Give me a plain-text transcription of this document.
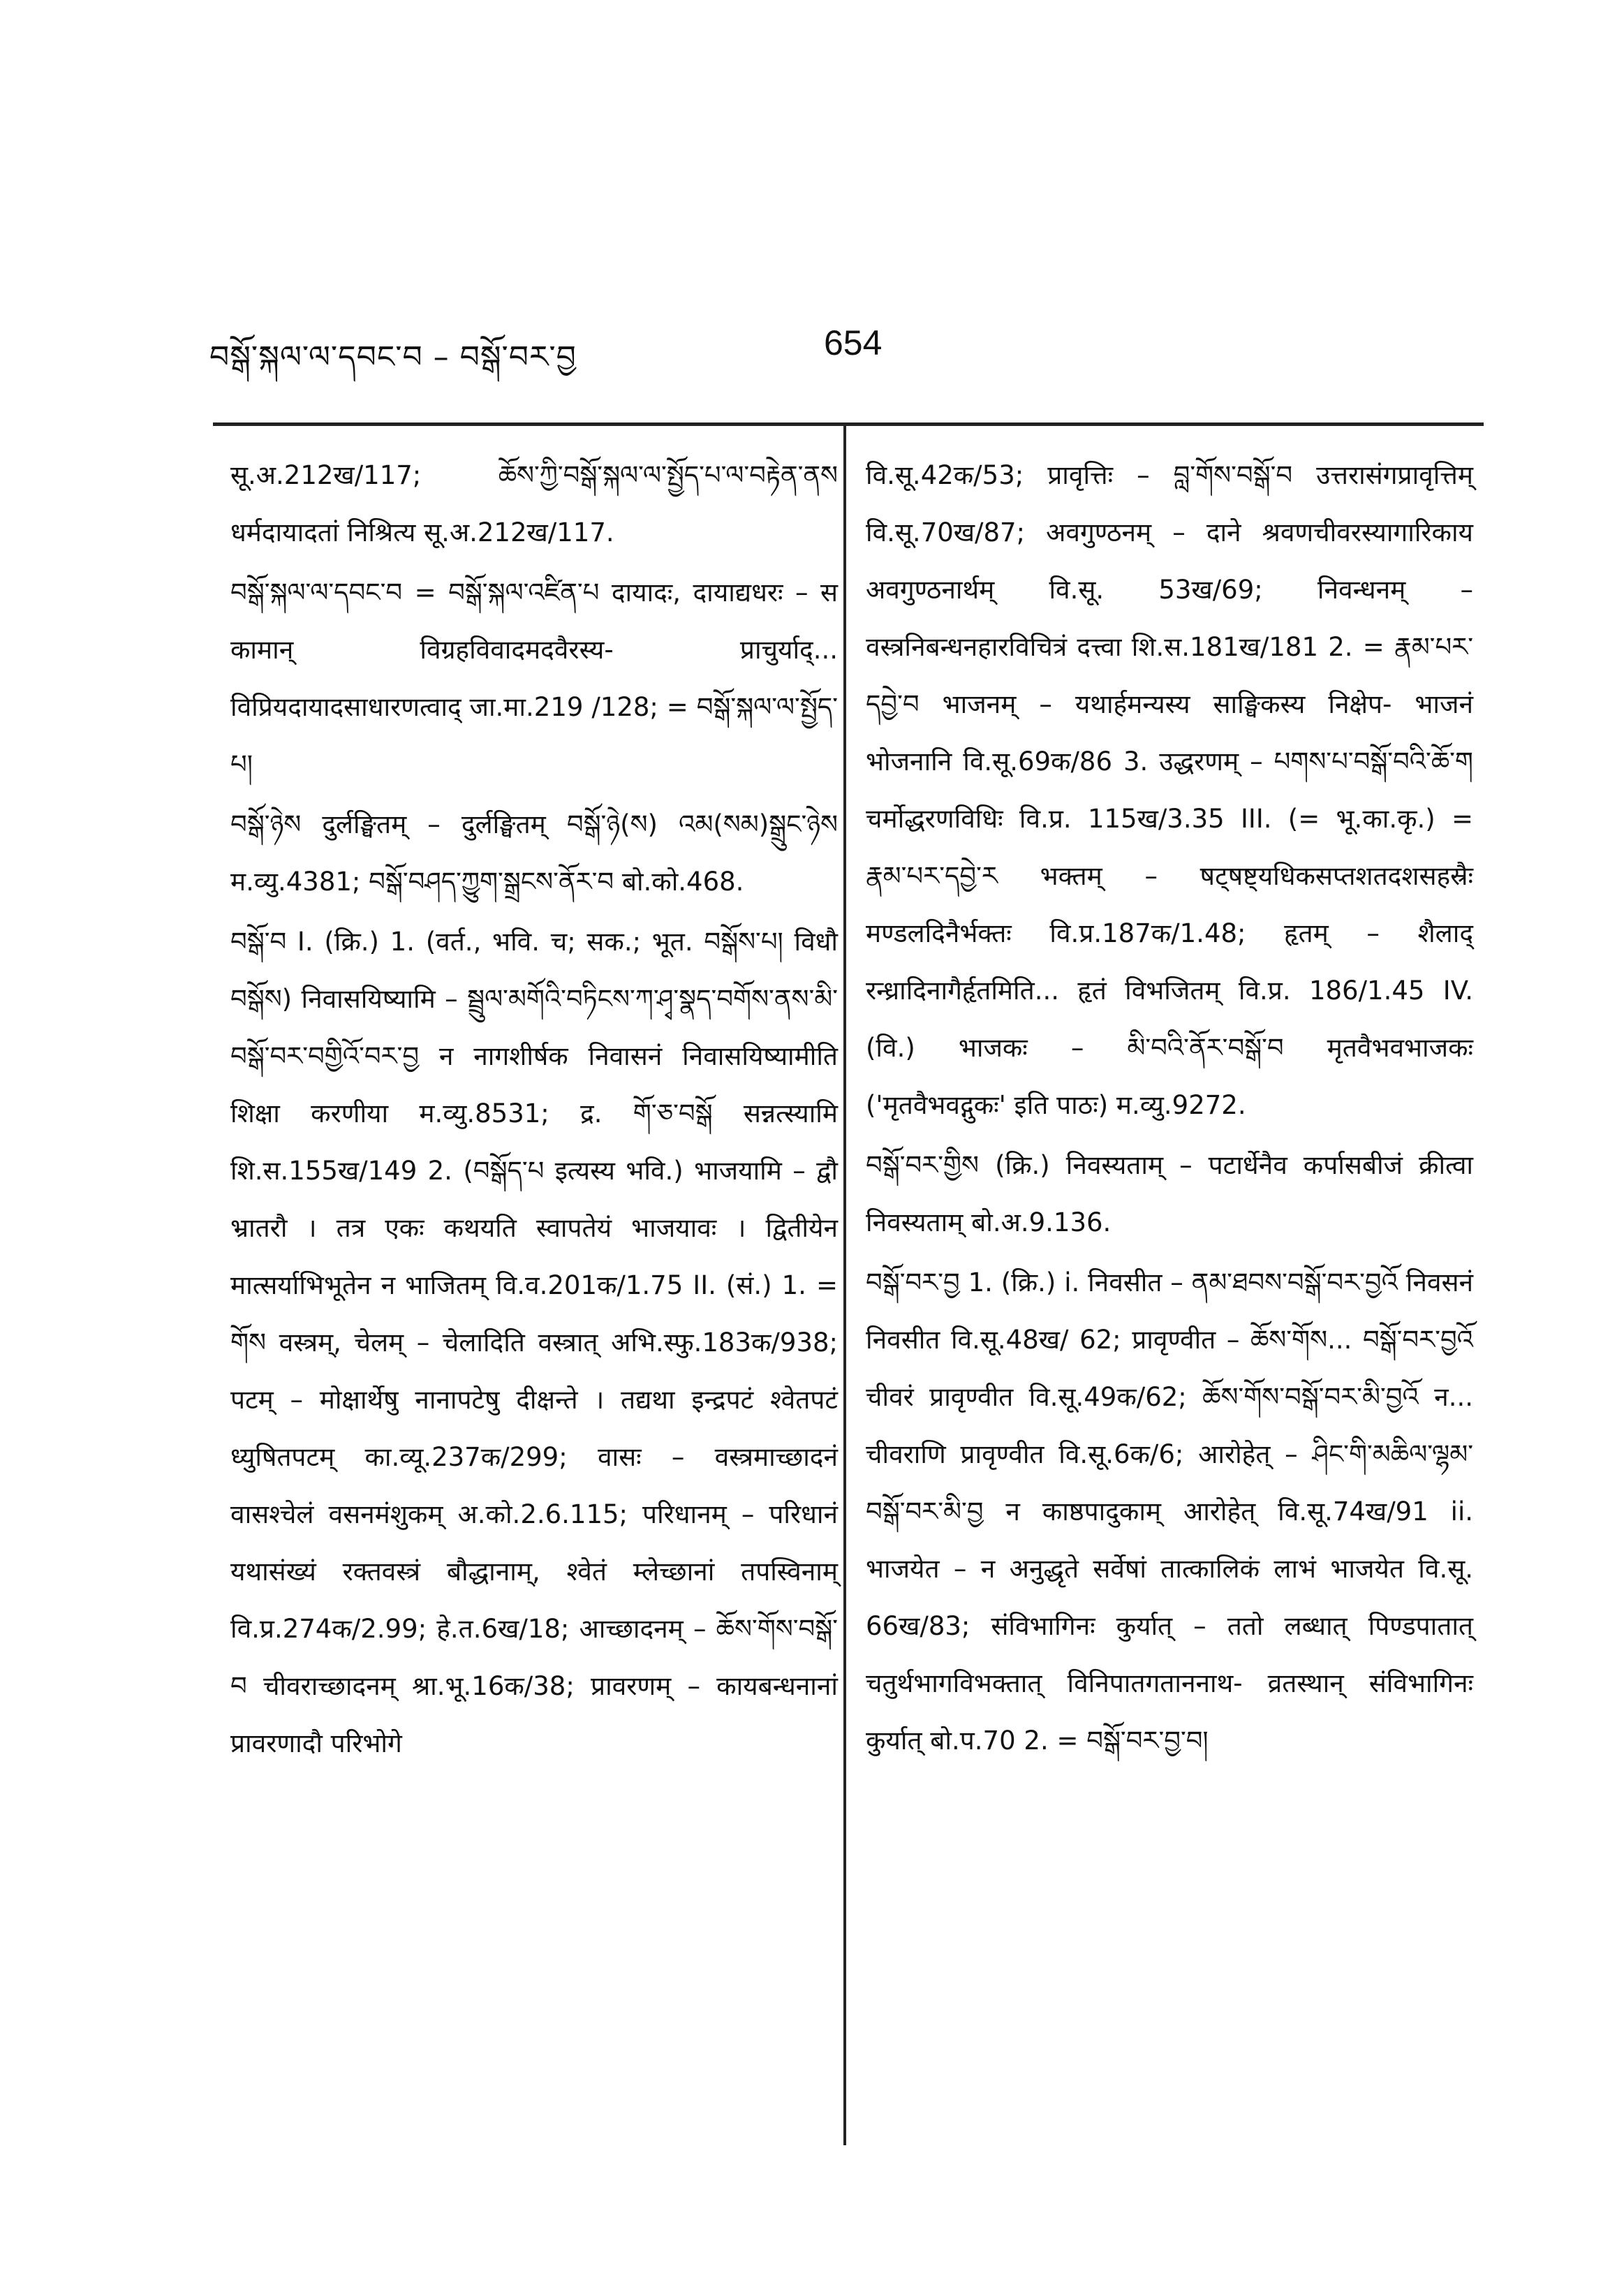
བསྒོ་སྐལ་ལ་དབང་བ – བསྒོ་བར་བྱ	654

सू.अ.212ख/117; ཆོས་ཀྱི་བསྒོ་སྐལ་ལ་སྤྱོད་པ་ལ་བརྟེན་ནས धर्मदायादतां निश्रित्य सू.अ.212ख/117.

བསྒོ་སྐལ་ལ་དབང་བ = བསྒོ་སྐལ་འཛིན་པ दायादः, दायाद्यधरः – स कामान् विग्रहविवादमदवैरस्य- प्राचुर्याद्... विप्रियदायादसाधारणत्वाद् जा.मा.219 /128; = བསྒོ་སྐལ་ལ་སྤྱོད་པ།

བསྒོ་ཉེས दुर्लङ्घितम् – दुर्लङ्घितम् བསྒོ་ཉེ(ས) འམ(སམ)སྒྲུང་ཉེས म.व्यु.4381; བསྒོ་བཤད་ཀྱུག་སྒྲངས་ནོར་བ बो.को.468.

བསྒོ་བ I. (क्रि.) 1. (वर्त., भवि. च; सक.; भूत. བསྒོས་པ། विधौ བསྒོས) निवासयिष्यामि – སྦྲུལ་མགོའི་བཏིངས་ཀ་ཤྭ་སྣད་བགོས་ནས་མི་བསྒོ་བར་བགྱིའོ་བར་བྱ न नागशीर्षक निवासनं निवासयिष्यामीति शिक्षा करणीया म.व्यु.8531; द्र. གོ་ཅ་བསྒོ सन्नत्स्यामि शि.स.155ख/149 2. (བསྒོད་པ इत्यस्य भवि.) भाजयामि – द्वौ भ्रातरौ । तत्र एकः कथयति स्वापतेयं भाजयावः । द्वितीयेन मात्सर्याभिभूतेन न भाजितम् वि.व.201क/1.75 II. (सं.) 1. = གོས वस्त्रम्, चेलम् – चेलादिति वस्त्रात् अभि.स्फु.183क/938; पटम् – मोक्षार्थेषु नानापटेषु दीक्षन्ते । तद्यथा इन्द्रपटं श्वेतपटं ध्युषितपटम् का.व्यू.237क/299; वासः – वस्त्रमाच्छादनं वासश्चेलं वसनमंशुकम् अ.को.2.6.115; परिधानम् – परिधानं यथासंख्यं रक्तवस्त्रं बौद्धानाम्, श्वेतं म्लेच्छानां तपस्विनाम् वि.प्र.274क/2.99; हे.त.6ख/18; आच्छादनम् – ཆོས་གོས་བསྒོ་བ चीवराच्छादनम् श्रा.भू.16क/38; प्रावरणम् – कायबन्धनानां प्रावरणादौ परिभोगे

वि.सू.42क/53; प्रावृत्तिः – བླ་གོས་བསྒོ་བ उत्तरासंगप्रावृत्तिम् वि.सू.70ख/87; अवगुण्ठनम् – दाने श्रवणचीवरस्यागारिकाय अवगुण्ठनार्थम् वि.सू. 53ख/69; निवन्धनम् – वस्त्रनिबन्धनहारविचित्रं दत्त्वा शि.स.181ख/181 2. = རྣམ་པར་དབྱེ་བ भाजनम् – यथार्हमन्यस्य साङ्घिकस्य निक्षेप- भाजनं भोजनानि वि.सू.69क/86 3. उद्धरणम् – པགས་པ་བསྒོ་བའི་ཆོ་ག चर्मोद्धरणविधिः वि.प्र. 115ख/3.35 III. (= भू.का.कृ.) = རྣམ་པར་དབྱེ་ར भक्तम् – षट्षष्ट्यधिकसप्तशतदशसहस्रैः मण्डलदिनैर्भक्तः वि.प्र.187क/1.48; हृतम् – शैलाद् रन्ध्रादिनागैर्हृतमिति... हृतं विभजितम् वि.प्र. 186/1.45 IV. (वि.) भाजकः – མི་བའི་ནོར་བསྒོ་བ मृतवैभवभाजकः ('मृतवैभवद्गुकः' इति पाठः) म.व्यु.9272.

བསྒོ་བར་གྱིས (क्रि.) निवस्यताम् – पटार्धेनैव कर्पासबीजं क्रीत्वा निवस्यताम् बो.अ.9.136.

བསྒོ་བར་བྱ 1. (क्रि.) i. निवसीत – ནམ་ཐབས་བསྒོ་བར་བྱའོ निवसनं निवसीत वि.सू.48ख/ 62; प्रावृण्वीत – ཆོས་གོས... བསྒོ་བར་བྱའོ चीवरं प्रावृण्वीत वि.सू.49क/62; ཆོས་གོས་བསྒོ་བར་མི་བྱའོ न... चीवराणि प्रावृण्वीत वि.सू.6क/6; आरोहेत् – ཤིང་གི་མཆིལ་ལྷམ་བསྒོ་བར་མི་བྱ न काष्ठपादुकाम् आरोहेत् वि.सू.74ख/91 ii. भाजयेत – न अनुद्धृते सर्वेषां तात्कालिकं लाभं भाजयेत वि.सू. 66ख/83; संविभागिनः कुर्यात् – ततो लब्धात् पिण्डपातात् चतुर्थभागविभक्तात् विनिपातगताननाथ- व्रतस्थान् संविभागिनः कुर्यात् बो.प.70 2. = བསྒོ་བར་བྱ་བ།
